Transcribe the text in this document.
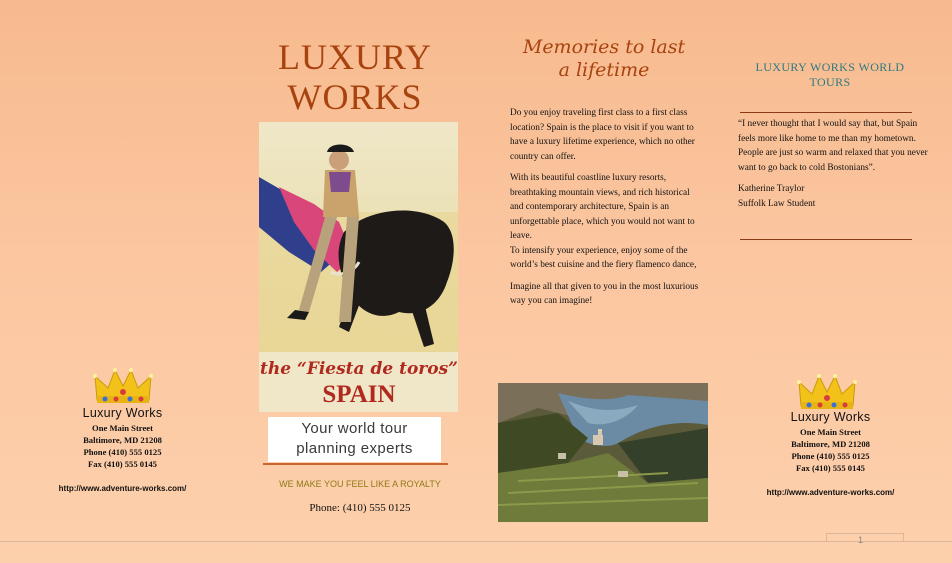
Luxury Works
One Main Street
Baltimore, MD 21208
Phone (410) 555 0125
Fax (410) 555 0145
http://www.adventure-works.com/
LUXURY
WORKS
the “Fiesta de toros”
SPAIN
Your world tour
planning experts
WE MAKE YOU FEEL LIKE A ROYALTY
Phone: (410) 555 0125
Memories to last
a lifetime

Do you enjoy traveling first class to a first class location? Spain is the place to visit if you want to have a luxury lifetime experience, which no other country can offer.

With its beautiful coastline luxury resorts, breathtaking mountain views, and rich historical and contemporary architecture, Spain is an unforgettable place, which you would not want to leave.

To intensify your experience, enjoy some of the world’s best cuisine and the fiery flamenco dance,

Imagine all that given to you in the most luxurious way you can imagine!

LUXURY WORKS WORLD
TOURS

“I never thought that I would say that, but Spain feels more like home to me than my hometown. People are just so warm and relaxed that you never want to go back to cold Bostonians”.

Katherine Traylor
Suffolk Law Student
Luxury Works
One Main Street
Baltimore, MD 21208
Phone (410) 555 0125
Fax (410) 555 0145
http://www.adventure-works.com/
1
